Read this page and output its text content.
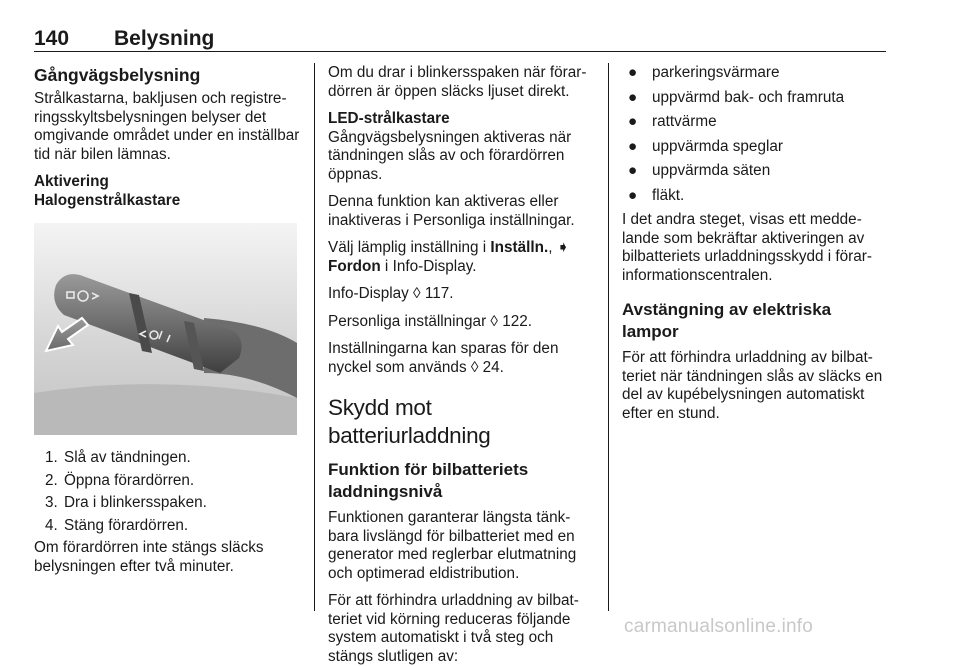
140 Belysning
Gångvägsbelysning

Strålkastarna, bakljusen och registreringsskyltsbelysningen belyser det omgivande området under en inställbar tid när bilen lämnas.

Aktivering
Halogenstrålkastare
1. Slå av tändningen.
2. Öppna förardörren.
3. Dra i blinkersspaken.
4. Stäng förardörren.

Om förardörren inte stängs släcks belysningen efter två minuter.

Om du drar i blinkersspaken när förardörren är öppen släcks ljuset direkt.

LED-strålkastare

Gångvägsbelysningen aktiveras när tändningen slås av och förardörren öppnas.

Denna funktion kan aktiveras eller inaktiveras i Personliga inställningar.

Välj lämplig inställning i Inställn., ➧ Fordon i Info-Display.

Info-Display ◊ 117.

Personliga inställningar ◊ 122.

Inställningarna kan sparas för den nyckel som används ◊ 24.

Skydd mot batteriurladdning
Funktion för bilbatteriets laddningsnivå

Funktionen garanterar längsta tänkbara livslängd för bilbatteriet med en generator med reglerbar elutmatning och optimerad eldistribution.

För att förhindra urladdning av bilbatteriet vid körning reduceras följande system automatiskt i två steg och stängs slutligen av:

● parkeringsvärmare
● uppvärmd bak- och framruta
● rattvärme
● uppvärmda speglar
● uppvärmda säten
● fläkt.

I det andra steget, visas ett meddelande som bekräftar aktiveringen av bilbatteriets urladdningsskydd i förarinformationscentralen.

Avstängning av elektriska lampor

För att förhindra urladdning av bilbatteriet när tändningen slås av släcks en del av kupébelysningen automatiskt efter en stund.

carmanualsonline.info
